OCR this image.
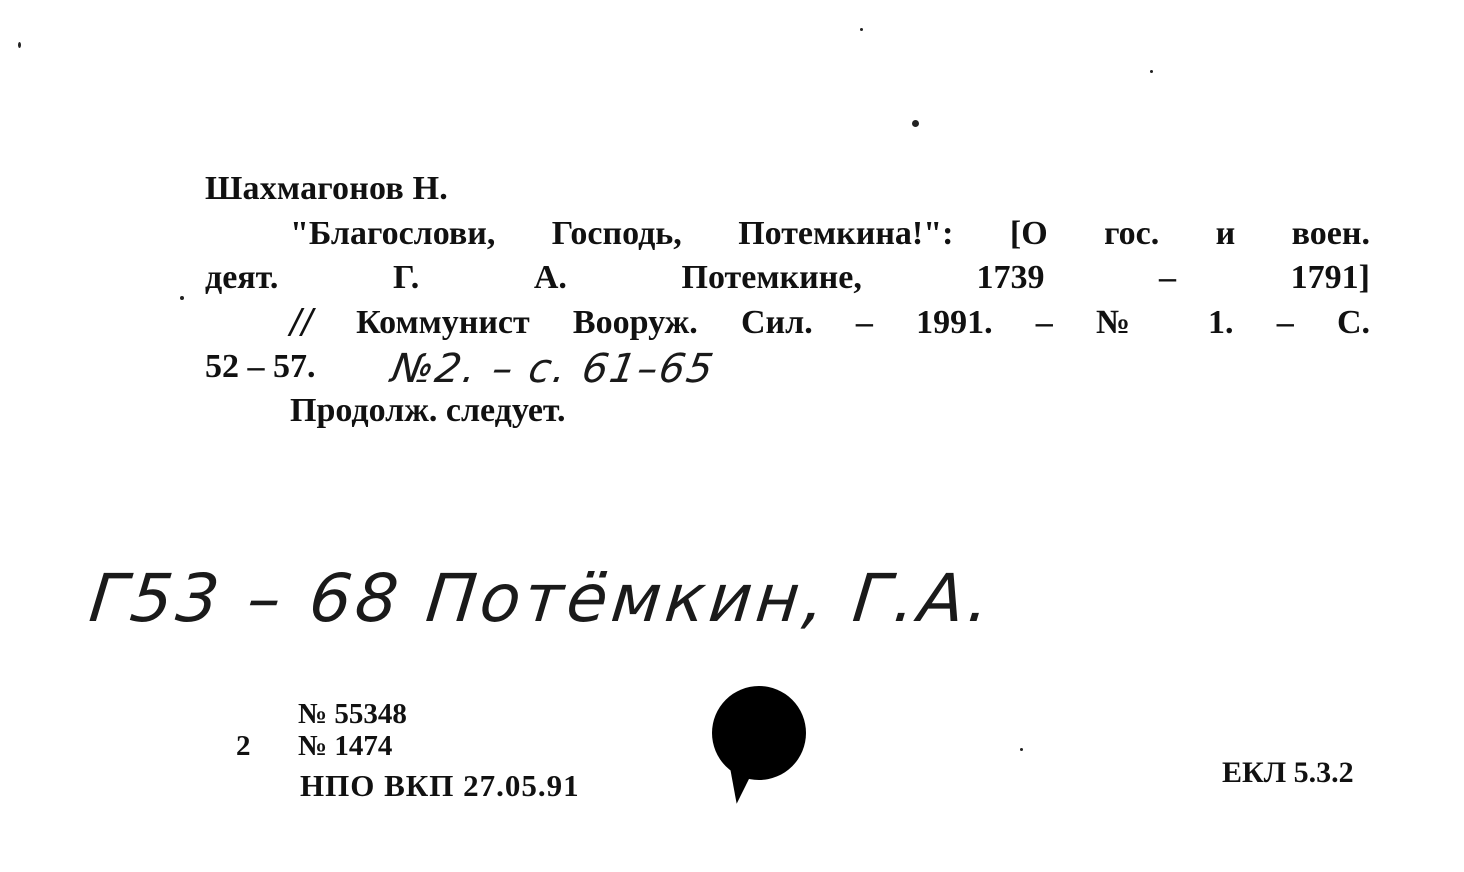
Шахмагонов Н.
"Благослови, Господь, Потемкина!": [О гос. и воен.
деят. Г. А. Потемкине, 1739 – 1791]
// Коммунист Вооруж. Сил. – 1991. – № 1. – С.
52 – 57.	№2. – с. 61–65
Продолж. следует.
Г53 – 68 Потёмкин, Г.А.
№ 55348
2 № 1474
НПО ВКП 27.05.91	ЕКЛ 5.3.2
